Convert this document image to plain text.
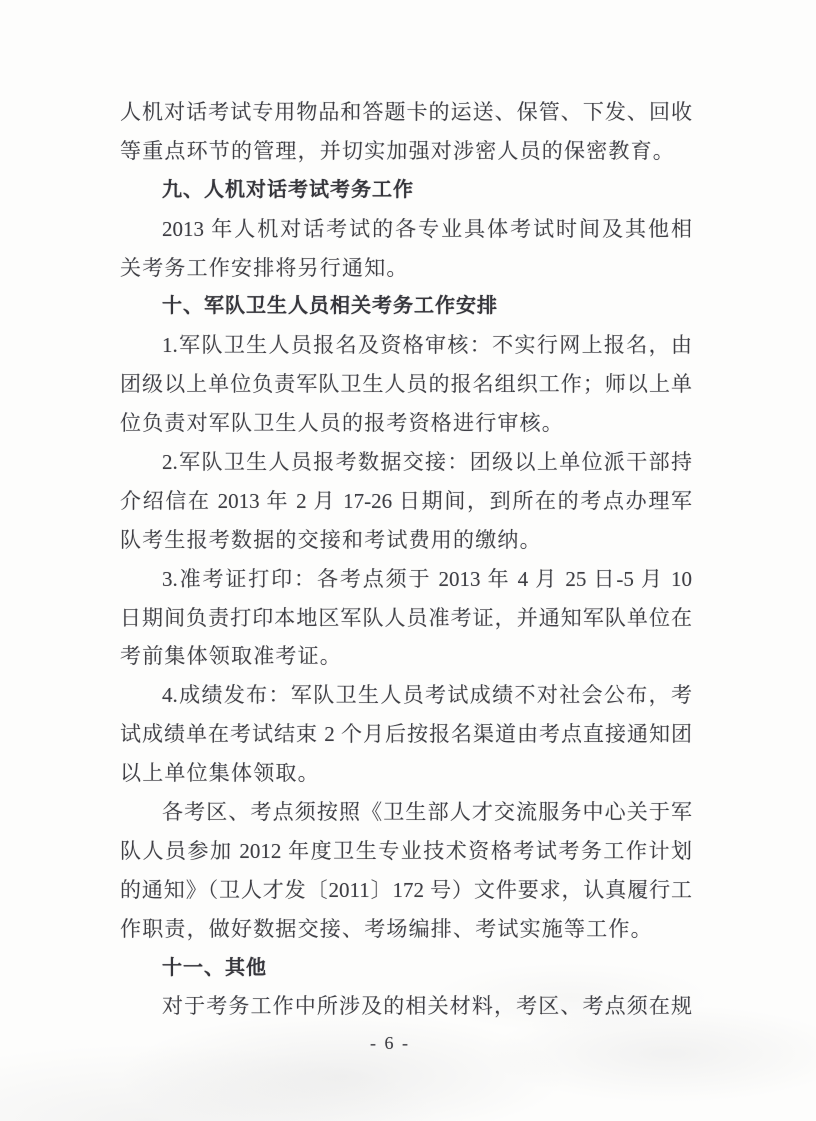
人机对话考试专用物品和答题卡的运送、保管、下发、回收
等重点环节的管理，并切实加强对涉密人员的保密教育。
九、人机对话考试考务工作
2013 年人机对话考试的各专业具体考试时间及其他相
关考务工作安排将另行通知。
十、军队卫生人员相关考务工作安排
1.军队卫生人员报名及资格审核：不实行网上报名，由
团级以上单位负责军队卫生人员的报名组织工作；师以上单
位负责对军队卫生人员的报考资格进行审核。
2.军队卫生人员报考数据交接：团级以上单位派干部持
介绍信在 2013 年 2 月 17-26 日期间，到所在的考点办理军
队考生报考数据的交接和考试费用的缴纳。
3.准考证打印：各考点须于 2013 年 4 月 25 日-5 月 10
日期间负责打印本地区军队人员准考证，并通知军队单位在
考前集体领取准考证。
4.成绩发布：军队卫生人员考试成绩不对社会公布，考
试成绩单在考试结束 2 个月后按报名渠道由考点直接通知团
以上单位集体领取。
各考区、考点须按照《卫生部人才交流服务中心关于军
队人员参加 2012 年度卫生专业技术资格考试考务工作计划
的通知》（卫人才发〔2011〕172 号）文件要求，认真履行工
作职责，做好数据交接、考场编排、考试实施等工作。
十一、其他
对于考务工作中所涉及的相关材料，考区、考点须在规
- 6 -
